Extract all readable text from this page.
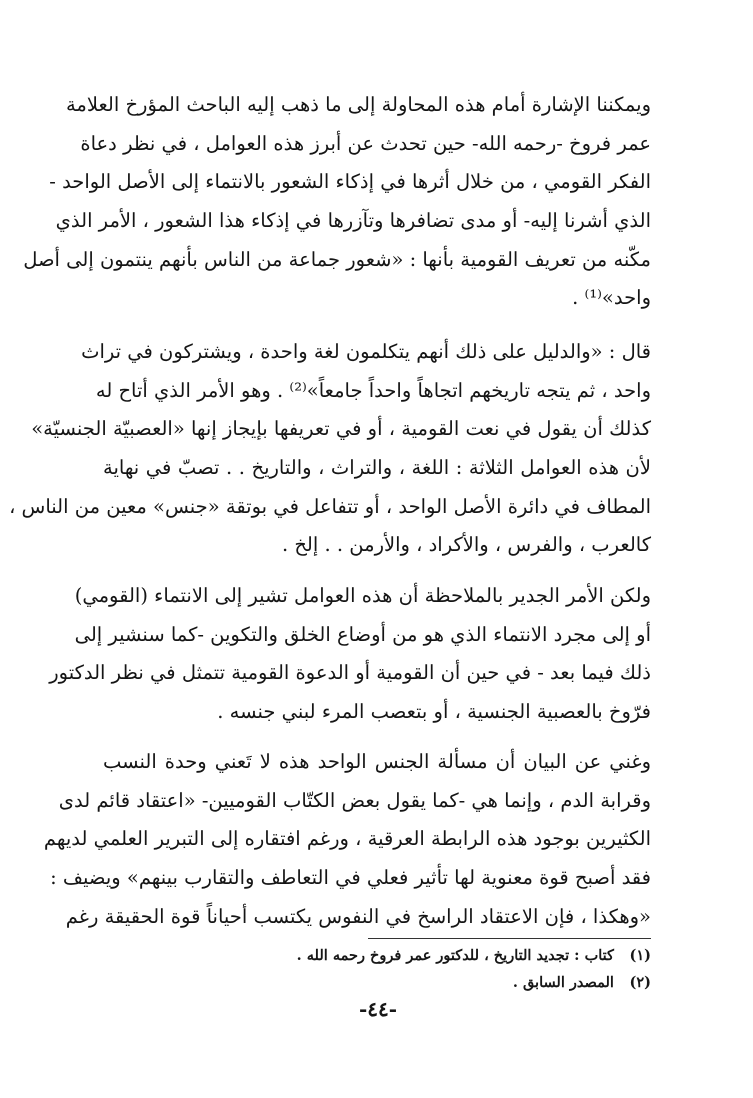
ويمكننا الإشارة أمام هذه المحاولة إلى ما ذهب إليه الباحث المؤرخ العلامة
عمر فروخ -رحمه الله- حين تحدث عن أبرز هذه العوامل ، في نظر دعاة
الفكر القومي ، من خلال أثرها في إذكاء الشعور بالانتماء إلى الأصل الواحد -
الذي أشرنا إليه- أو مدى تضافرها وتآزرها في إذكاء هذا الشعور ، الأمر الذي
مكّنه من تعريف القومية بأنها : «شعور جماعة من الناس بأنهم ينتمون إلى أصل
واحد»⁽¹⁾ .
قال : «والدليل على ذلك أنهم يتكلمون لغة واحدة ، ويشتركون في تراث
واحد ، ثم يتجه تاريخهم اتجاهاً واحداً جامعاً»⁽²⁾ . وهو الأمر الذي أتاح له
كذلك أن يقول في نعت القومية ، أو في تعريفها بإيجاز إنها «العصبيّة الجنسيّة»
لأن هذه العوامل الثلاثة : اللغة ، والتراث ، والتاريخ . . تصبّ في نهاية
المطاف في دائرة الأصل الواحد ، أو تتفاعل في بوتقة «جنس» معين من الناس ،
كالعرب ، والفرس ، والأكراد ، والأرمن . . إلخ .
ولكن الأمر الجدير بالملاحظة أن هذه العوامل تشير إلى الانتماء (القومي)
أو إلى مجرد الانتماء الذي هو من أوضاع الخلق والتكوين -كما سنشير إلى
ذلك فيما بعد - في حين أن القومية أو الدعوة القومية تتمثل في نظر الدكتور
فرّوخ بالعصبية الجنسية ، أو بتعصب المرء لبني جنسه .
وغني عن البيان أن مسألة الجنس الواحد هذه لا تَعني وحدة النسب
وقرابة الدم ، وإنما هي -كما يقول بعض الكتّاب القوميين- «اعتقاد قائم لدى
الكثيرين بوجود هذه الرابطة العرقية ، ورغم افتقاره إلى التبرير العلمي لديهم
فقد أصبح قوة معنوية لها تأثير فعلي في التعاطف والتقارب بينهم» ويضيف :
«وهكذا ، فإن الاعتقاد الراسخ في النفوس يكتسب أحياناً قوة الحقيقة رغم
(١) كتاب : تجديد التاريخ ، للدكتور عمر فروخ رحمه الله .
(٢) المصدر السابق .
-٤٤-
